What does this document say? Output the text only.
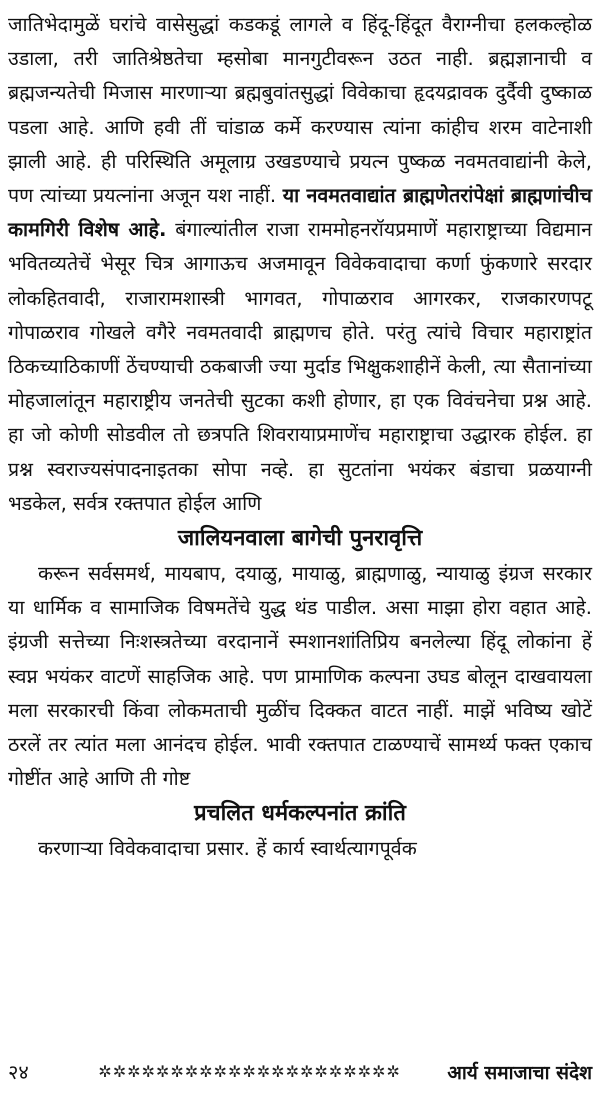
जातिभेदामुळें घरांचे वासेसुद्धां कडकडूं लागले व हिंदू-हिंदूत वैराग्नीचा हलकल्होळ उडाला, तरी जातिश्रेष्ठतेचा म्हसोबा मानगुटीवरून उठत नाही. ब्रह्मज्ञानाची व ब्रह्मजन्यतेची मिजास मारणाऱ्या ब्रह्मबुवांतसुद्धां विवेकाचा हृदयद्रावक दुर्दैवी दुष्काळ पडला आहे. आणि हवी तीं चांडाळ कर्मे करण्यास त्यांना कांहीच शरम वाटेनाशी झाली आहे. ही परिस्थिति अमूलाग्र उखडण्याचे प्रयत्न पुष्कळ नवमतवाद्यांनी केले, पण त्यांच्या प्रयत्नांना अजून यश नाहीं. या नवमतवाद्यांत ब्राह्मणेतरांपेक्षां ब्राह्मणांचीच कामगिरी विशेष आहे. बंगाल्यांतील राजा राममोहनरॉयप्रमाणें महाराष्ट्राच्या विद्यमान भवितव्यतेचें भेसूर चित्र आगाऊच अजमावून विवेकवादाचा कर्णा फुंकणारे सरदार लोकहितवादी, राजारामशास्त्री भागवत, गोपाळराव आगरकर, राजकारणपटू गोपाळराव गोखले वगैरे नवमतवादी ब्राह्मणच होते. परंतु त्यांचे विचार महाराष्ट्रांत ठिकच्याठिकाणीं ठेंचण्याची ठकबाजी ज्या मुर्दाड भिक्षुकशाहीनें केली, त्या सैतानांच्या मोहजालांतून महाराष्ट्रीय जनतेची सुटका कशी होणार, हा एक विवंचनेचा प्रश्न आहे. हा जो कोणी सोडवील तो छत्रपति शिवरायाप्रमाणेंच महाराष्ट्राचा उद्धारक होईल. हा प्रश्न स्वराज्यसंपादनाइतका सोपा नव्हे. हा सुटतांना भयंकर बंडाचा प्रळयाग्नी भडकेल, सर्वत्र रक्तपात होईल आणि

जालियनवाला बागेची पुनरावृत्ति

करून सर्वसमर्थ, मायबाप, दयाळु, मायाळु, ब्राह्मणाळु, न्यायाळु इंग्रज सरकार या धार्मिक व सामाजिक विषमतेंचे युद्ध थंड पाडील. असा माझा होरा वहात आहे. इंग्रजी सत्तेच्या निःशस्त्रतेच्या वरदानानें स्मशानशांतिप्रिय बनलेल्या हिंदू लोकांना हें स्वप्न भयंकर वाटणें साहजिक आहे. पण प्रामाणिक कल्पना उघड बोलून दाखवायला मला सरकारची किंवा लोकमताची मुळींच दिक्कत वाटत नाहीं. माझें भविष्य खोटें ठरलें तर त्यांत मला आनंदच होईल. भावी रक्तपात टाळण्याचें सामर्थ्य फक्त एकाच गोष्टींत आहे आणि ती गोष्ट

प्रचलित धर्मकल्पनांत क्रांति

करणाऱ्या विवेकवादाचा प्रसार. हें कार्य स्वार्थत्यागपूर्वक

२४	✲✲✲✲✲✲✲✲✲✲✲✲✲✲✲✲✲✲✲✲✲	आर्य समाजाचा संदेश
